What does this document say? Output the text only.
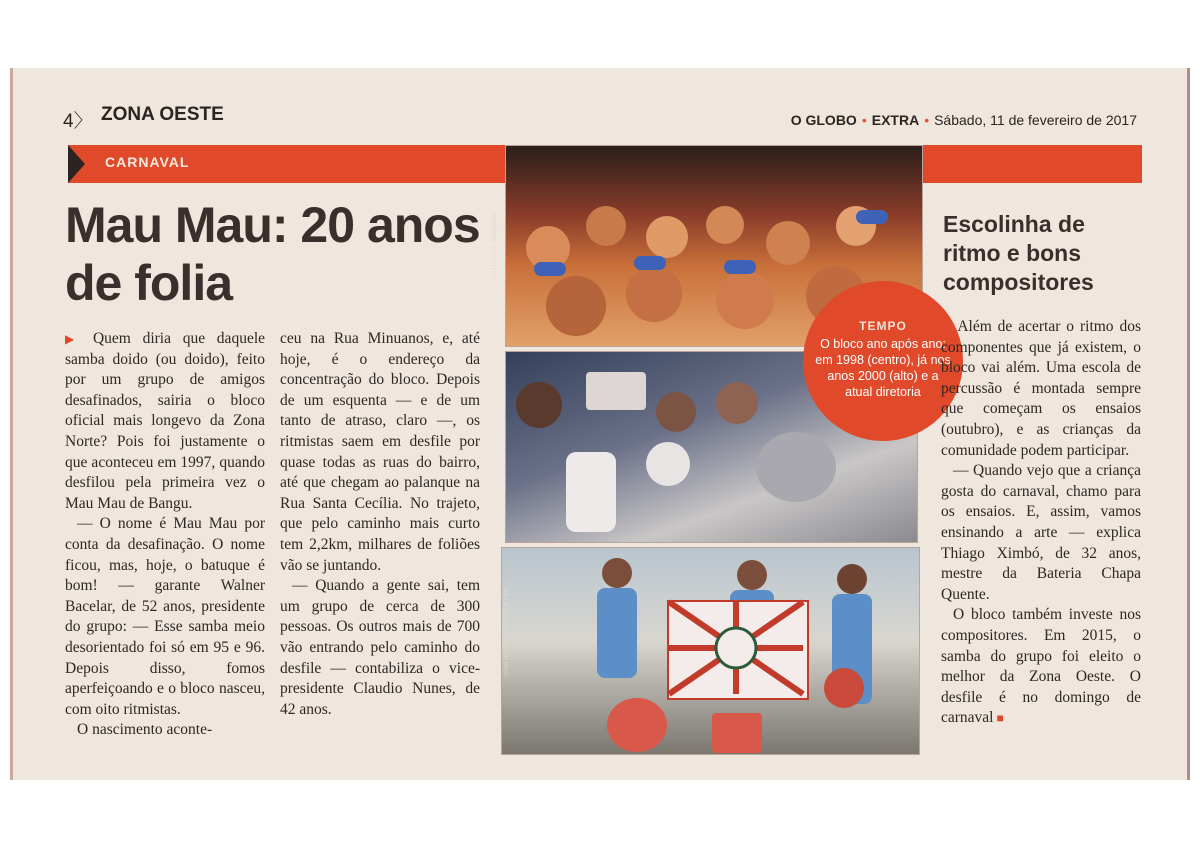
4〉 ZONA OESTE	O GLOBO • EXTRA • Sábado, 11 de fevereiro de 2017
CARNAVAL
Mau Mau: 20 anos de folia

▶ Quem diria que daquele samba doido (ou doido), feito por um grupo de amigos desafinados, sairia o bloco oficial mais longevo da Zona Norte? Pois foi justamente o que aconteceu em 1997, quando desfilou pela primeira vez o Mau Mau de Bangu.

— O nome é Mau Mau por conta da desafinação. O nome ficou, mas, hoje, o batuque é bom! — garante Walner Bacelar, de 52 anos, presidente do grupo: — Esse samba meio desorientado foi só em 95 e 96. Depois disso, fomos aperfeiçoando e o bloco nasceu, com oito ritmistas.

O nascimento aconte-

ceu na Rua Minuanos, e, até hoje, é o endereço da concentração do bloco. Depois de um esquenta — e de um tanto de atraso, claro —, os ritmistas saem em desfile por quase todas as ruas do bairro, até que chegam ao palanque na Rua Santa Cecília. No trajeto, que pelo caminho mais curto tem 2,2km, milhares de foliões vão se juntando.

— Quando a gente sai, tem um grupo de cerca de 300 pessoas. Os outros mais de 700 vão entrando pelo caminho do desfile — contabiliza o vice-presidente Claudio Nunes, de 42 anos.

FOTOS DE ARQUIVO
GUILHERME PINTO/EXTRA
TEMPO
O bloco ano após ano: em 1998 (centro), já nos anos 2000 (alto) e a atual diretoria
Escolinha de ritmo e bons compositores

▶ Além de acertar o ritmo dos componentes que já existem, o bloco vai além. Uma escola de percussão é montada sempre que começam os ensaios (outubro), e as crianças da comunidade podem participar.

— Quando vejo que a criança gosta do carnaval, chamo para os ensaios. E, assim, vamos ensinando a arte — explica Thiago Ximbó, de 32 anos, mestre da Bateria Chapa Quente.

O bloco também investe nos compositores. Em 2015, o samba do grupo foi eleito o melhor da Zona Oeste. O desfile é no domingo de carnaval ■
